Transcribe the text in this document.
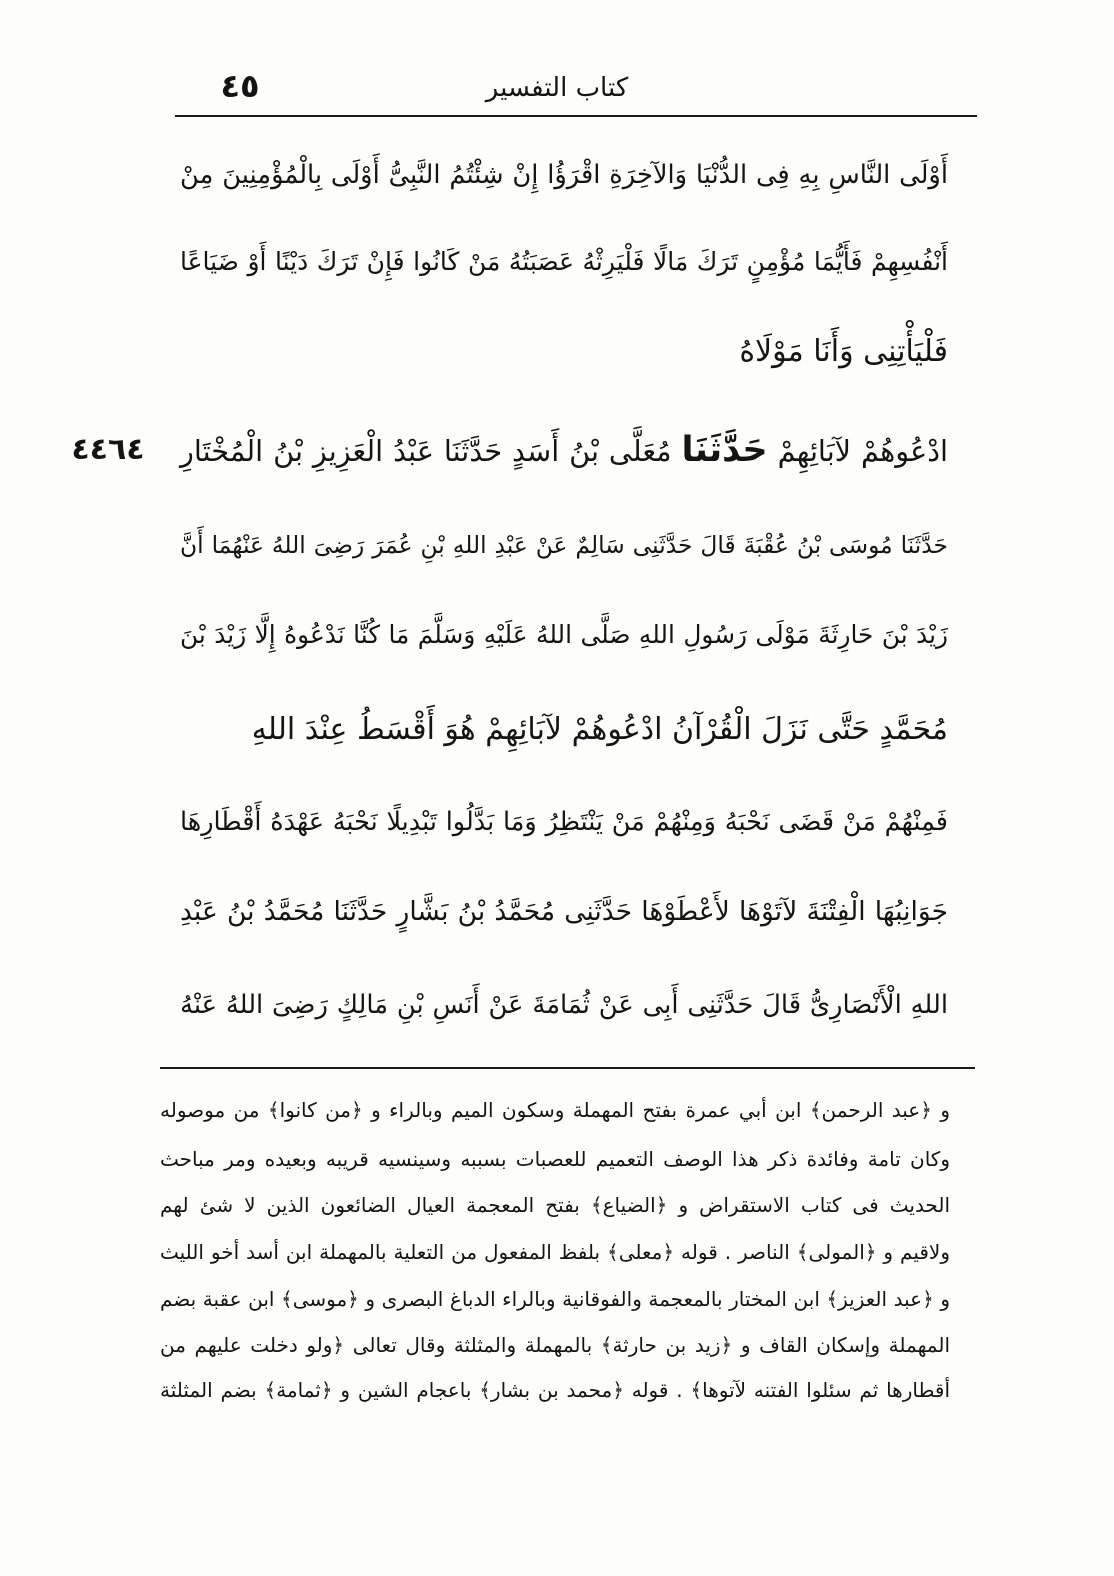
٤٥	كتاب التفسير
٤٤٦٤
أَوْلَى النَّاسِ بِهِ فِى الدُّنْيَا وَالآخِرَةِ اقْرَؤُا إِنْ شِئْتُمُ النَّبِىُّ أَوْلَى بِالْمُؤْمِنِينَ مِنْ
أَنْفُسِهِمْ فَأَيُّمَا مُؤْمِنٍ تَرَكَ مَالًا فَلْيَرِثْهُ عَصَبَتُهُ مَنْ كَانُوا فَإِنْ تَرَكَ دَيْنًا أَوْ ضَيَاعًا
فَلْيَأْتِنِى وَأَنَا مَوْلَاهُ
ادْعُوهُمْ لآبَائِهِمْ حَدَّثَنَا مُعَلَّى بْنُ أَسَدٍ حَدَّثَنَا عَبْدُ الْعَزِيزِ بْنُ الْمُخْتَارِ
حَدَّثَنَا مُوسَى بْنُ عُقْبَةَ قَالَ حَدَّثَنِى سَالِمٌ عَنْ عَبْدِ اللهِ بْنِ عُمَرَ رَضِىَ اللهُ عَنْهُمَا أَنَّ
زَيْدَ بْنَ حَارِثَةَ مَوْلَى رَسُولِ اللهِ صَلَّى اللهُ عَلَيْهِ وَسَلَّمَ مَا كُنَّا نَدْعُوهُ إِلَّا زَيْدَ بْنَ
مُحَمَّدٍ حَتَّى نَزَلَ الْقُرْآنُ ادْعُوهُمْ لآبَائِهِمْ هُوَ أَقْسَطُ عِنْدَ اللهِ
فَمِنْهُمْ مَنْ قَضَى نَحْبَهُ وَمِنْهُمْ مَنْ يَنْتَظِرُ وَمَا بَدَّلُوا تَبْدِيلًا نَحْبَهُ عَهْدَهُ أَقْطَارِهَا
جَوَانِبُهَا الْفِتْنَةَ لآتَوْهَا لأَعْطَوْهَا حَدَّثَنِى مُحَمَّدُ بْنُ بَشَّارٍ حَدَّثَنَا مُحَمَّدُ بْنُ عَبْدِ
اللهِ الْأَنْصَارِىُّ قَالَ حَدَّثَنِى أَبِى عَنْ ثُمَامَةَ عَنْ أَنَسِ بْنِ مَالِكٍ رَضِىَ اللهُ عَنْهُ
و ﴿عبد الرحمن﴾ ابن أبي عمرة بفتح المهملة وسكون الميم وبالراء و ﴿من كانوا﴾ من موصوله
وكان تامة وفائدة ذكر هذا الوصف التعميم للعصبات بسببه وسينسيه قريبه وبعيده ومر مباحث
الحديث فى كتاب الاستقراض و ﴿الضياع﴾ بفتح المعجمة العيال الضائعون الذين لا شئ لهم
ولاقيم و ﴿المولى﴾ الناصر . قوله ﴿معلى﴾ بلفظ المفعول من التعلية بالمهملة ابن أسد أخو الليث
و ﴿عبد العزيز﴾ ابن المختار بالمعجمة والفوقانية وبالراء الدباغ البصرى و ﴿موسى﴾ ابن عقبة بضم
المهملة وإسكان القاف و ﴿زيد بن حارثة﴾ بالمهملة والمثلثة وقال تعالى ﴿ولو دخلت عليهم من
أقطارها ثم سئلوا الفتنه لآتوها﴾ . قوله ﴿محمد بن بشار﴾ باعجام الشين و ﴿ثمامة﴾ بضم المثلثة
